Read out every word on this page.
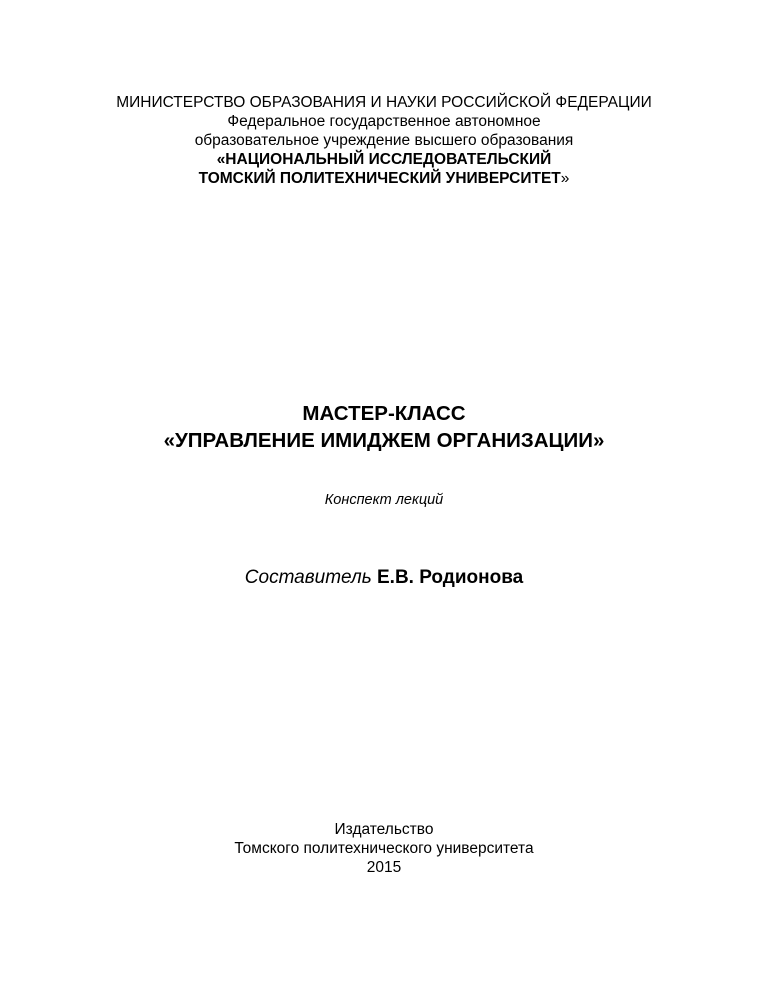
МИНИСТЕРСТВО ОБРАЗОВАНИЯ И НАУКИ РОССИЙСКОЙ ФЕДЕРАЦИИ
Федеральное государственное автономное
образовательное учреждение высшего образования
«НАЦИОНАЛЬНЫЙ ИССЛЕДОВАТЕЛЬСКИЙ
ТОМСКИЙ ПОЛИТЕХНИЧЕСКИЙ УНИВЕРСИТЕТ»
МАСТЕР-КЛАСС
«УПРАВЛЕНИЕ ИМИДЖЕМ ОРГАНИЗАЦИИ»
Конспект лекций
Составитель Е.В. Родионова
Издательство
Томского политехнического университета
2015
